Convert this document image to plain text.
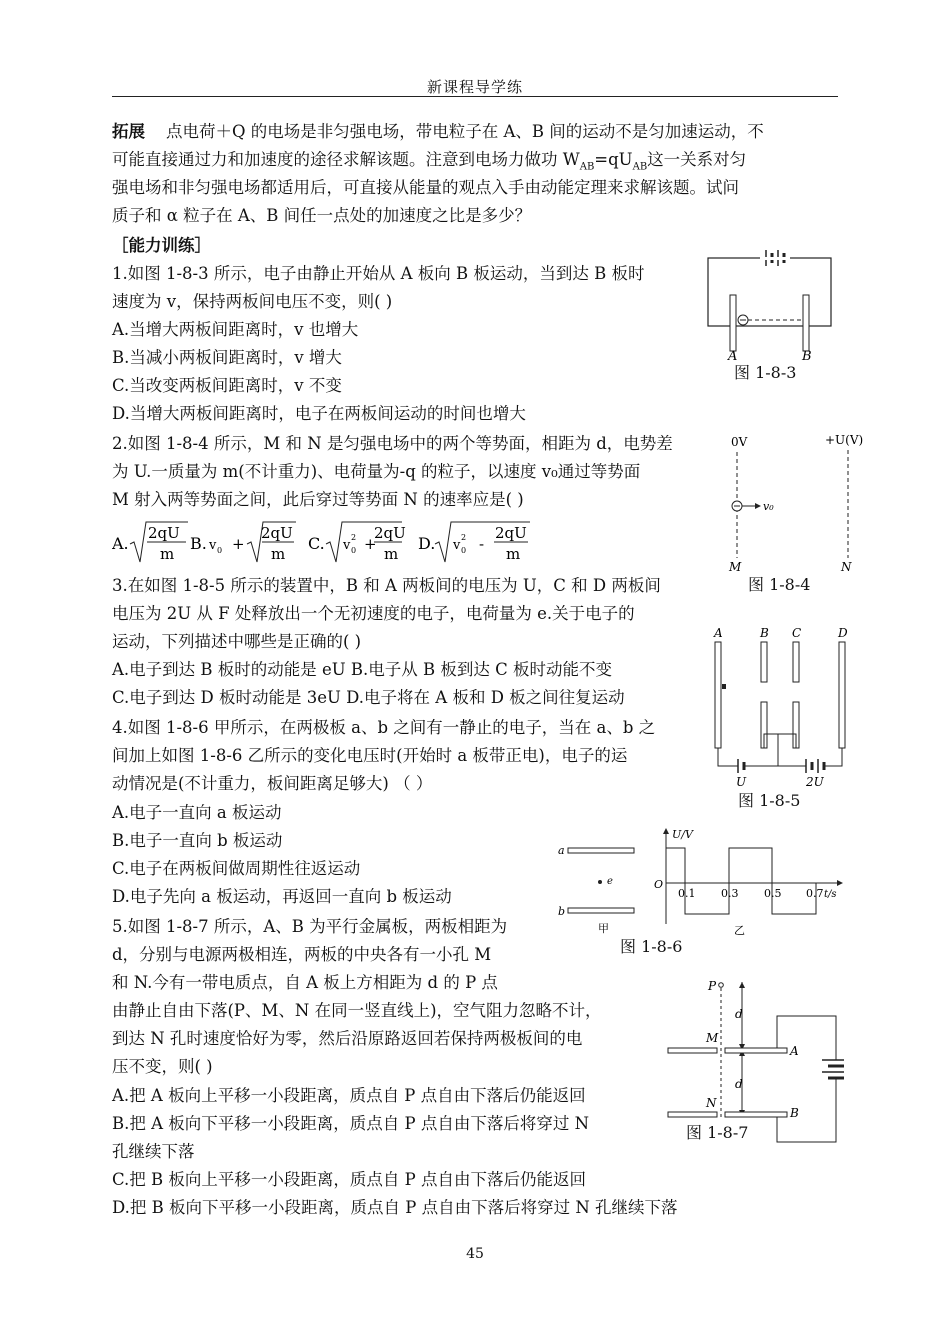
新课程导学练
拓展 点电荷＋Q 的电场是非匀强电场，带电粒子在 A、B 间的运动不是匀加速运动，不
可能直接通过力和加速度的途径求解该题。注意到电场力做功 $W_{AB}=qU_{AB}$这一关系对匀
强电场和非匀强电场都适用后，可直接从能量的观点入手由动能定理来求解该题。试问
质子和 α 粒子在 A、B 间任一点处的加速度之比是多少？
［能力训练］
1.如图 1-8-3 所示，电子由静止开始从 A 板向 B 板运动，当到达 B 板时
速度为 v，保持两板间电压不变，则( )
A.当增大两板间距离时，v 也增大
B.当减小两板间距离时，v 增大
C.当改变两板间距离时，v 不变
D.当增大两板间距离时，电子在两板间运动的时间也增大
2.如图 1-8-4 所示，M 和 N 是匀强电场中的两个等势面，相距为 d，电势差
为 U.一质量为 m(不计重力)、电荷量为-q 的粒子，以速度 v₀通过等势面
M 射入两等势面之间，此后穿过等势面 N 的速率应是( )
A.
2qU
m
B. v 0 +
2qU
m
C. v
2
0 +
2qU
m
D. v
2
0 -
2qU
m
3.在如图 1-8-5 所示的装置中，B 和 A 两板间的电压为 U，C 和 D 两板间
电压为 2U 从 F 处释放出一个无初速度的电子，电荷量为 e.关于电子的
运动，下列描述中哪些是正确的( )
A.电子到达 B 板时的动能是 eU B.电子从 B 板到达 C 板时动能不变
C.电子到达 D 板时动能是 3eU D.电子将在 A 板和 D 板之间往复运动
4.如图 1-8-6 甲所示，在两极板 a、b 之间有一静止的电子，当在 a、b 之
间加上如图 1-8-6 乙所示的变化电压时(开始时 a 板带正电)，电子的运
动情况是(不计重力，板间距离足够大) （ ）
A.电子一直向 a 板运动
B.电子一直向 b 板运动
C.电子在两板间做周期性往返运动
D.电子先向 a 板运动，再返回一直向 b 板运动
5.如图 1-8-7 所示，A、B 为平行金属板，两板相距为
d，分别与电源两极相连，两板的中央各有一小孔 M
和 N.今有一带电质点，自 A 板上方相距为 d 的 P 点
由静止自由下落(P、M、N 在同一竖直线上)，空气阻力忽略不计，
到达 N 孔时速度恰好为零，然后沿原路返回若保持两极板间的电
压不变，则( )
A.把 A 板向上平移一小段距离，质点自 P 点自由下落后仍能返回
B.把 A 板向下平移一小段距离，质点自 P 点自由下落后将穿过 N
孔继续下落
C.把 B 板向上平移一小段距离，质点自 P 点自由下落后仍能返回
D.把 B 板向下平移一小段距离，质点自 P 点自由下落后将穿过 N 孔继续下落
A	B
图 1-8-3
0V	+U(V)
v₀
M	N
图 1-8-4
A	B C	D
U	2U
图 1-8-5
a
e
b
甲
U/V
O
0.1 0.3 0.5 0.7 t/s
乙
图 1-8-6
P
d
d
M
A
N
B
图 1-8-7
45
